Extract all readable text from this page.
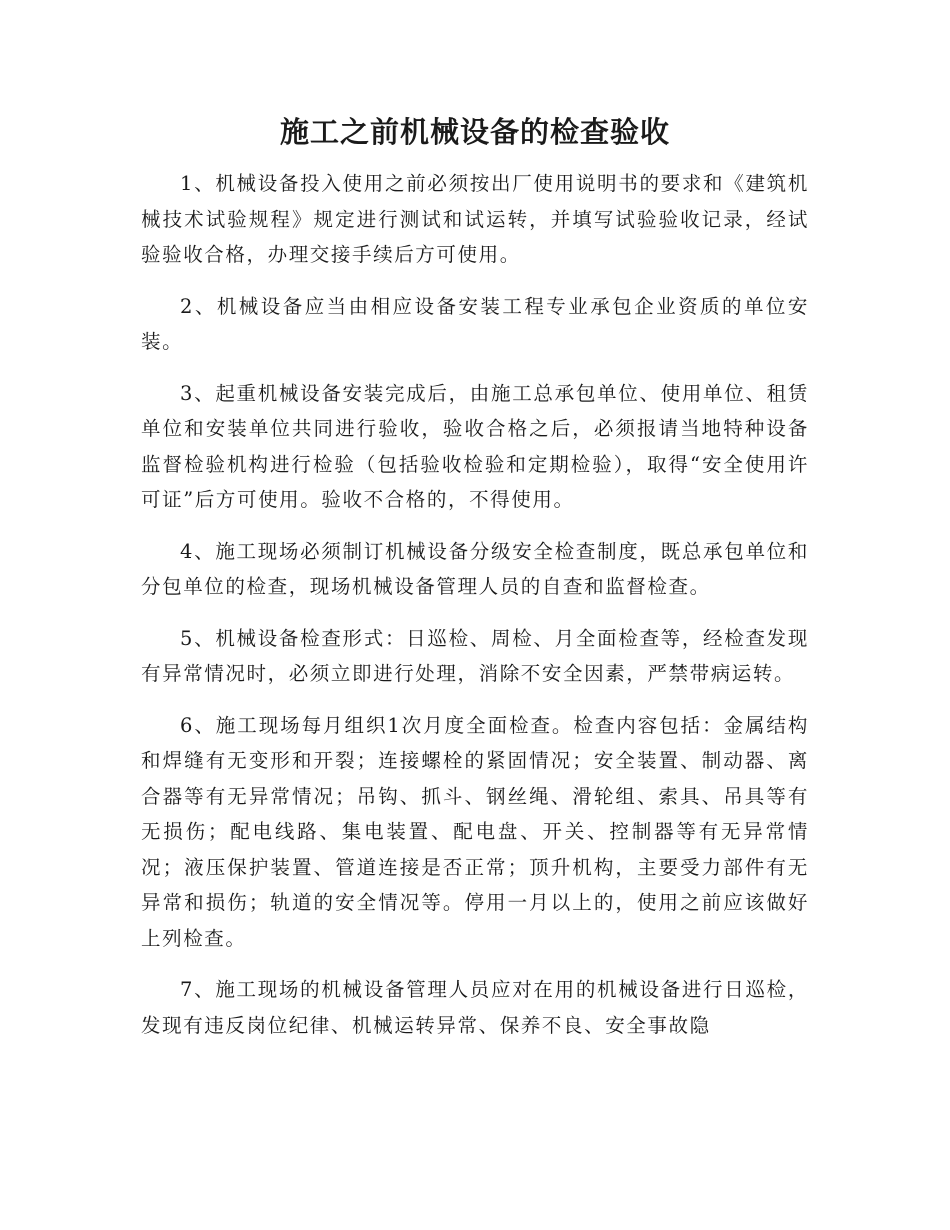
施工之前机械设备的检查验收

1、机械设备投入使用之前必须按出厂使用说明书的要求和《建筑机械技术试验规程》规定进行测试和试运转，并填写试验验收记录，经试验验收合格，办理交接手续后方可使用。

2、机械设备应当由相应设备安装工程专业承包企业资质的单位安装。

3、起重机械设备安装完成后，由施工总承包单位、使用单位、租赁单位和安装单位共同进行验收，验收合格之后，必须报请当地特种设备监督检验机构进行检验（包括验收检验和定期检验），取得“安全使用许可证”后方可使用。验收不合格的，不得使用。

4、施工现场必须制订机械设备分级安全检查制度，既总承包单位和分包单位的检查，现场机械设备管理人员的自查和监督检查。

5、机械设备检查形式：日巡检、周检、月全面检查等，经检查发现有异常情况时，必须立即进行处理，消除不安全因素，严禁带病运转。

6、施工现场每月组织1次月度全面检查。检查内容包括：金属结构和焊缝有无变形和开裂；连接螺栓的紧固情况；安全装置、制动器、离合器等有无异常情况；吊钩、抓斗、钢丝绳、滑轮组、索具、吊具等有无损伤；配电线路、集电装置、配电盘、开关、控制器等有无异常情况；液压保护装置、管道连接是否正常；顶升机构，主要受力部件有无异常和损伤；轨道的安全情况等。停用一月以上的，使用之前应该做好上列检查。

7、施工现场的机械设备管理人员应对在用的机械设备进行日巡检，发现有违反岗位纪律、机械运转异常、保养不良、安全事故隐
